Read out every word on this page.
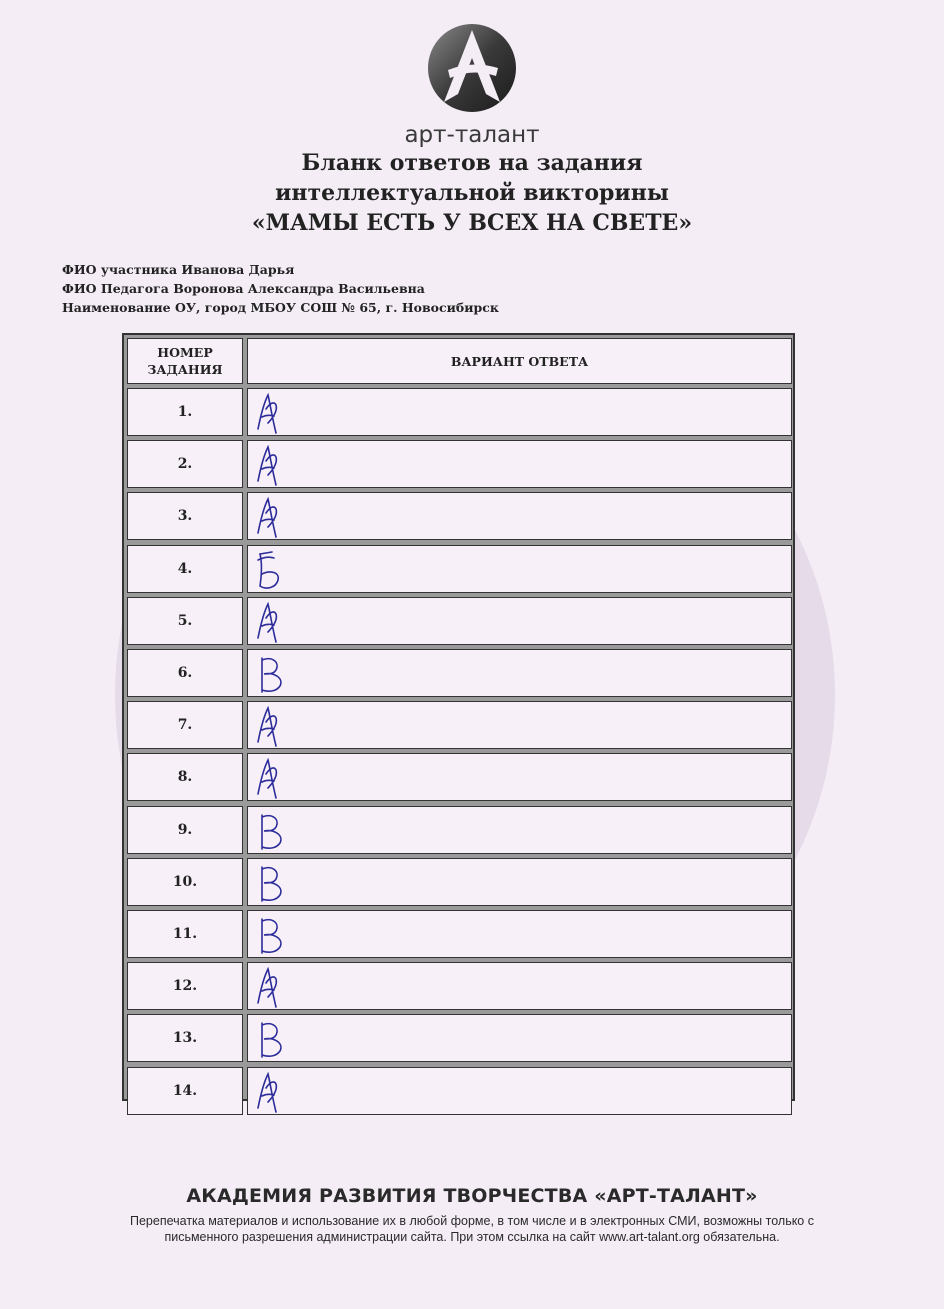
арт-талант
Бланк ответов на задания
интеллектуальной викторины
«МАМЫ ЕСТЬ У ВСЕХ НА СВЕТЕ»
ФИО участника Иванова Дарья
ФИО Педагога Воронова Александра Васильевна
Наименование ОУ, город МБОУ СОШ № 65, г. Новосибирск
НОМЕР ЗАДАНИЯ
ВАРИАНТ ОТВЕТА
1.
2.
3.
4.
5.
6.
7.
8.
9.
10.
11.
12.
13.
14.
АКАДЕМИЯ РАЗВИТИЯ ТВОРЧЕСТВА «АРТ-ТАЛАНТ»
Перепечатка материалов и использование их в любой форме, в том числе и в электронных СМИ, возможны только с
письменного разрешения администрации сайта. При этом ссылка на сайт www.art-talant.org обязательна.
